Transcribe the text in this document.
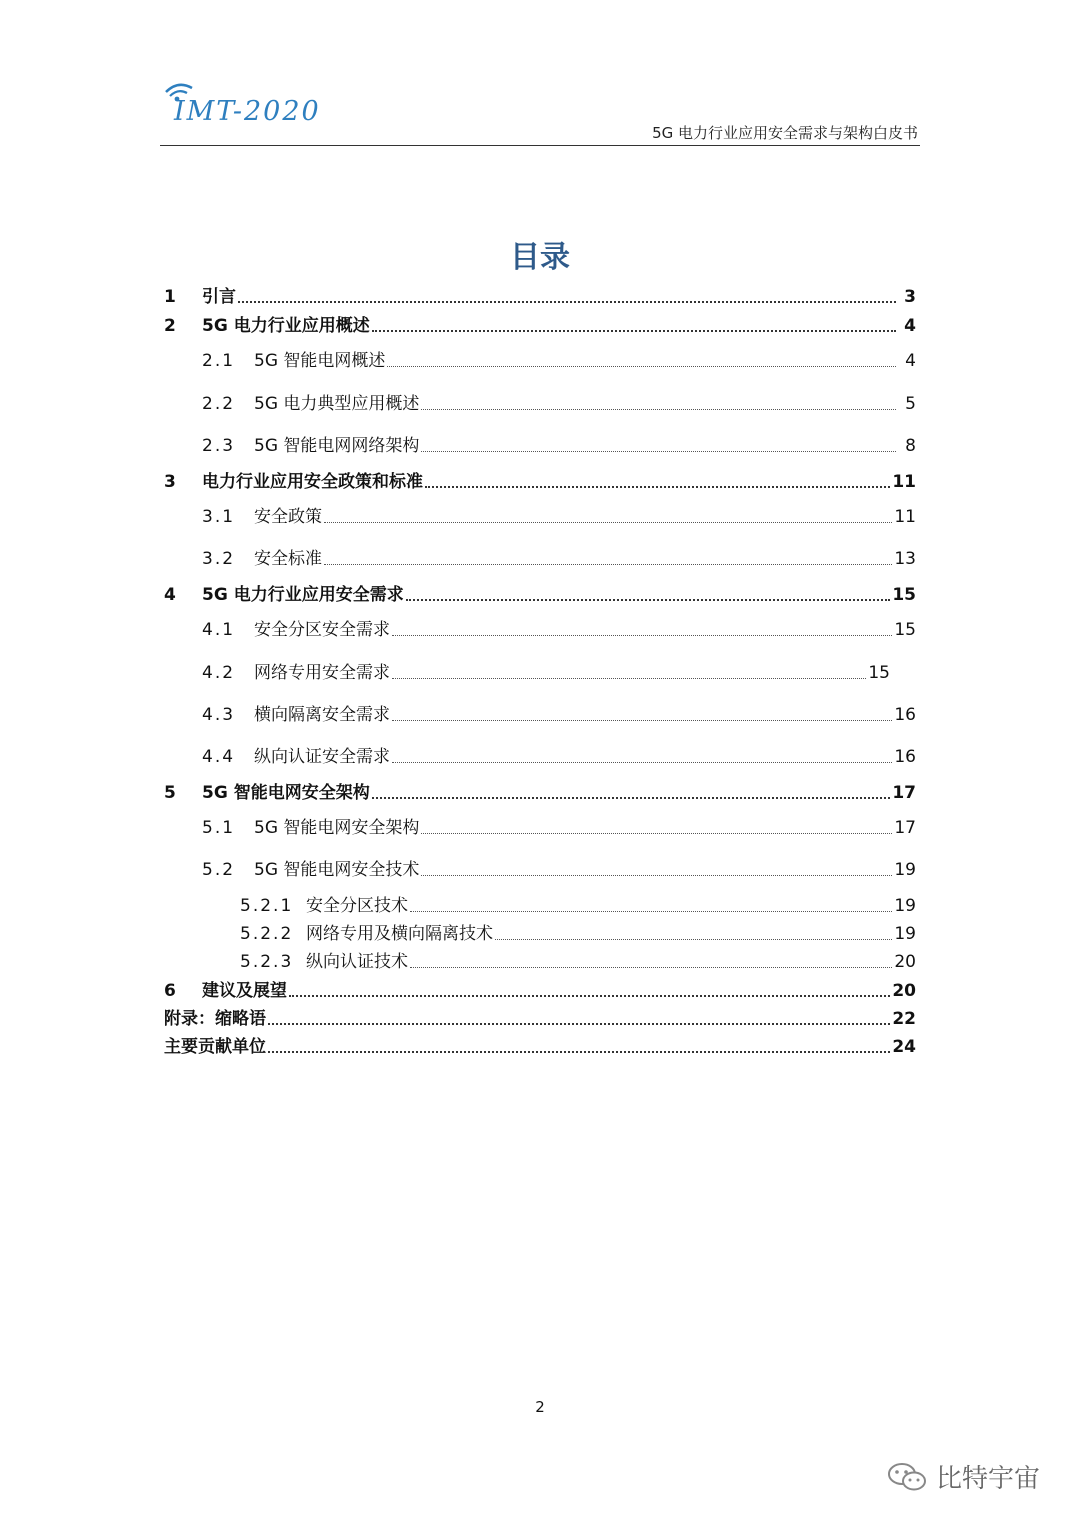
IMT-2020
5G 电力行业应用安全需求与架构白皮书
目录
1	引言	3
2	5G 电力行业应用概述	4
2.1	5G 智能电网概述	4
2.2	5G 电力典型应用概述	5
2.3	5G 智能电网网络架构	8
3	电力行业应用安全政策和标准	11
3.1	安全政策	11
3.2	安全标准	13
4	5G 电力行业应用安全需求	15
4.1	安全分区安全需求	15
4.2	网络专用安全需求	15
4.3	横向隔离安全需求	16
4.4	纵向认证安全需求	16
5	5G 智能电网安全架构	17
5.1	5G 智能电网安全架构	17
5.2	5G 智能电网安全技术	19
5.2.1 安全分区技术	19
5.2.2 网络专用及横向隔离技术	19
5.2.3 纵向认证技术	20
6	建议及展望	20
附录：缩略语	22
主要贡献单位	24
2
比特宇宙
